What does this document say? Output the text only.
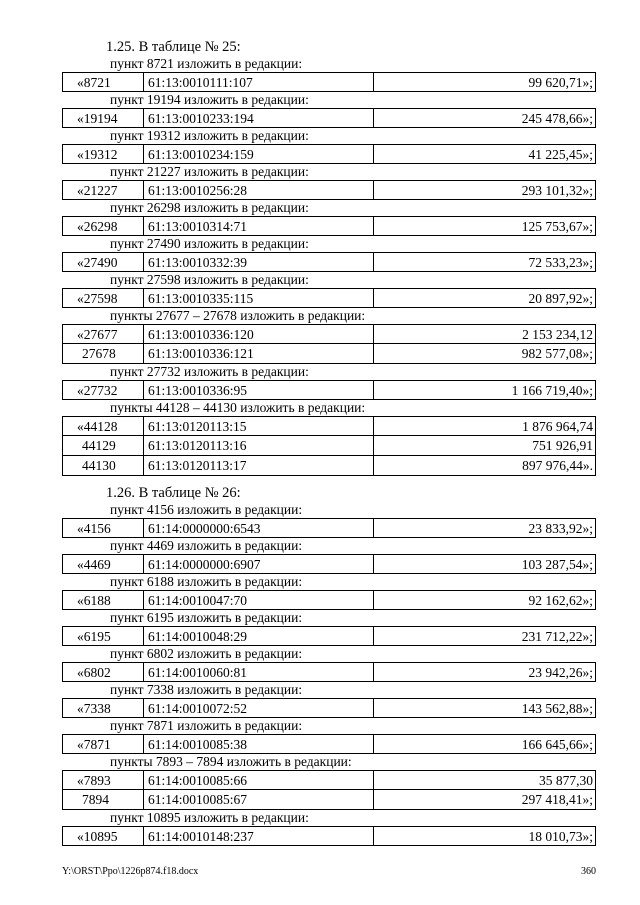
1.25. В таблице № 25:
пункт 8721 изложить в редакции:
«8721	61:13:0010111:107	99 620,71»;
пункт 19194 изложить в редакции:
«19194	61:13:0010233:194	245 478,66»;
пункт 19312 изложить в редакции:
«19312	61:13:0010234:159	41 225,45»;
пункт 21227 изложить в редакции:
«21227	61:13:0010256:28	293 101,32»;
пункт 26298 изложить в редакции:
«26298	61:13:0010314:71	125 753,67»;
пункт 27490 изложить в редакции:
«27490	61:13:0010332:39	72 533,23»;
пункт 27598 изложить в редакции:
«27598	61:13:0010335:115	20 897,92»;
пункты 27677 – 27678 изложить в редакции:
«27677	61:13:0010336:120	2 153 234,12
27678	61:13:0010336:121	982 577,08»;
пункт 27732 изложить в редакции:
«27732	61:13:0010336:95	1 166 719,40»;
пункты 44128 – 44130 изложить в редакции:
«44128	61:13:0120113:15	1 876 964,74
44129	61:13:0120113:16	751 926,91
44130	61:13:0120113:17	897 976,44».
1.26. В таблице № 26:
пункт 4156 изложить в редакции:
«4156	61:14:0000000:6543	23 833,92»;
пункт 4469 изложить в редакции:
«4469	61:14:0000000:6907	103 287,54»;
пункт 6188 изложить в редакции:
«6188	61:14:0010047:70	92 162,62»;
пункт 6195 изложить в редакции:
«6195	61:14:0010048:29	231 712,22»;
пункт 6802 изложить в редакции:
«6802	61:14:0010060:81	23 942,26»;
пункт 7338 изложить в редакции:
«7338	61:14:0010072:52	143 562,88»;
пункт 7871 изложить в редакции:
«7871	61:14:0010085:38	166 645,66»;
пункты 7893 – 7894 изложить в редакции:
«7893	61:14:0010085:66	35 877,30
7894	61:14:0010085:67	297 418,41»;
пункт 10895 изложить в редакции:
«10895	61:14:0010148:237	18 010,73»;
Y:\ORST\Ppo\1226p874.f18.docx	360
